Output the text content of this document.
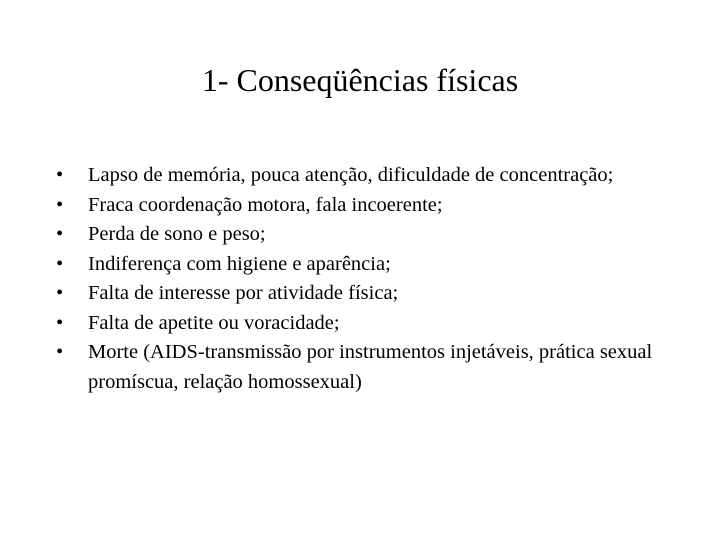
1- Conseqüências físicas
• Lapso de memória, pouca atenção, dificuldade de concentração;
• Fraca coordenação motora, fala incoerente;
• Perda de sono e peso;
• Indiferença com higiene e aparência;
• Falta de interesse por atividade física;
• Falta de apetite ou voracidade;
• Morte (AIDS-transmissão por instrumentos injetáveis, prática sexual promíscua, relação homossexual)
